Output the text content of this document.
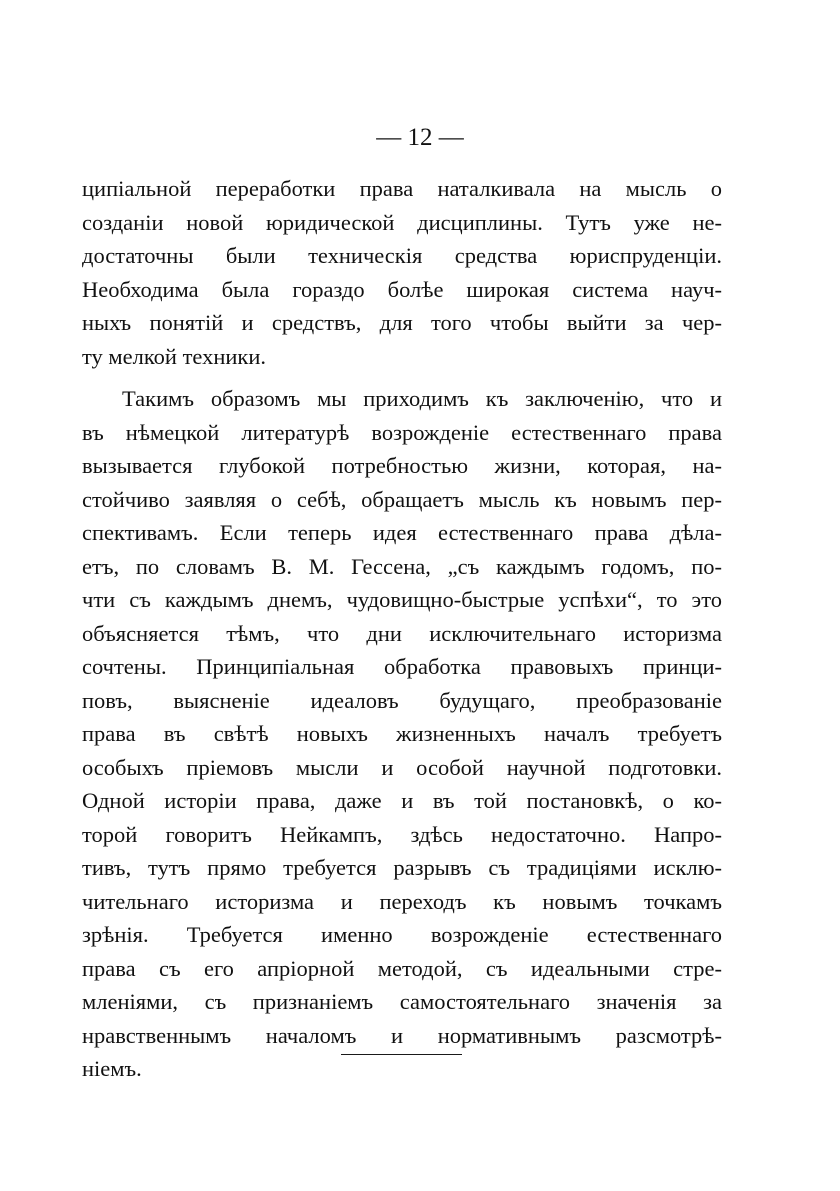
— 12 —
ципіальной переработки права наталкивала на мысль о
созданіи новой юридической дисциплины. Тутъ уже не-
достаточны были техническія средства юриспруденціи.
Необходима была гораздо болѣе широкая система науч-
ныхъ понятій и средствъ, для того чтобы выйти за чер-
ту мелкой техники.
Такимъ образомъ мы приходимъ къ заключенію, что и
въ нѣмецкой литературѣ возрожденіе естественнаго права
вызывается глубокой потребностью жизни, которая, на-
стойчиво заявляя о себѣ, обращаетъ мысль къ новымъ пер-
спективамъ. Если теперь идея естественнаго права дѣла-
етъ, по словамъ В. М. Гессена, „съ каждымъ годомъ, по-
чти съ каждымъ днемъ, чудовищно-быстрые успѣхи“, то это
объясняется тѣмъ, что дни исключительнаго историзма
сочтены. Принципіальная обработка правовыхъ принци-
повъ, выясненіе идеаловъ будущаго, преобразованіе
права въ свѣтѣ новыхъ жизненныхъ началъ требуетъ
особыхъ пріемовъ мысли и особой научной подготовки.
Одной исторіи права, даже и въ той постановкѣ, о ко-
торой говоритъ Нейкампъ, здѣсь недостаточно. Напро-
тивъ, тутъ прямо требуется разрывъ съ традиціями исклю-
чительнаго историзма и переходъ къ новымъ точкамъ
зрѣнія. Требуется именно возрожденіе естественнаго
права съ его апріорной методой, съ идеальными стре-
мленіями, съ признаніемъ самостоятельнаго значенія за
нравственнымъ началомъ и нормативнымъ разсмотрѣ-
ніемъ.
